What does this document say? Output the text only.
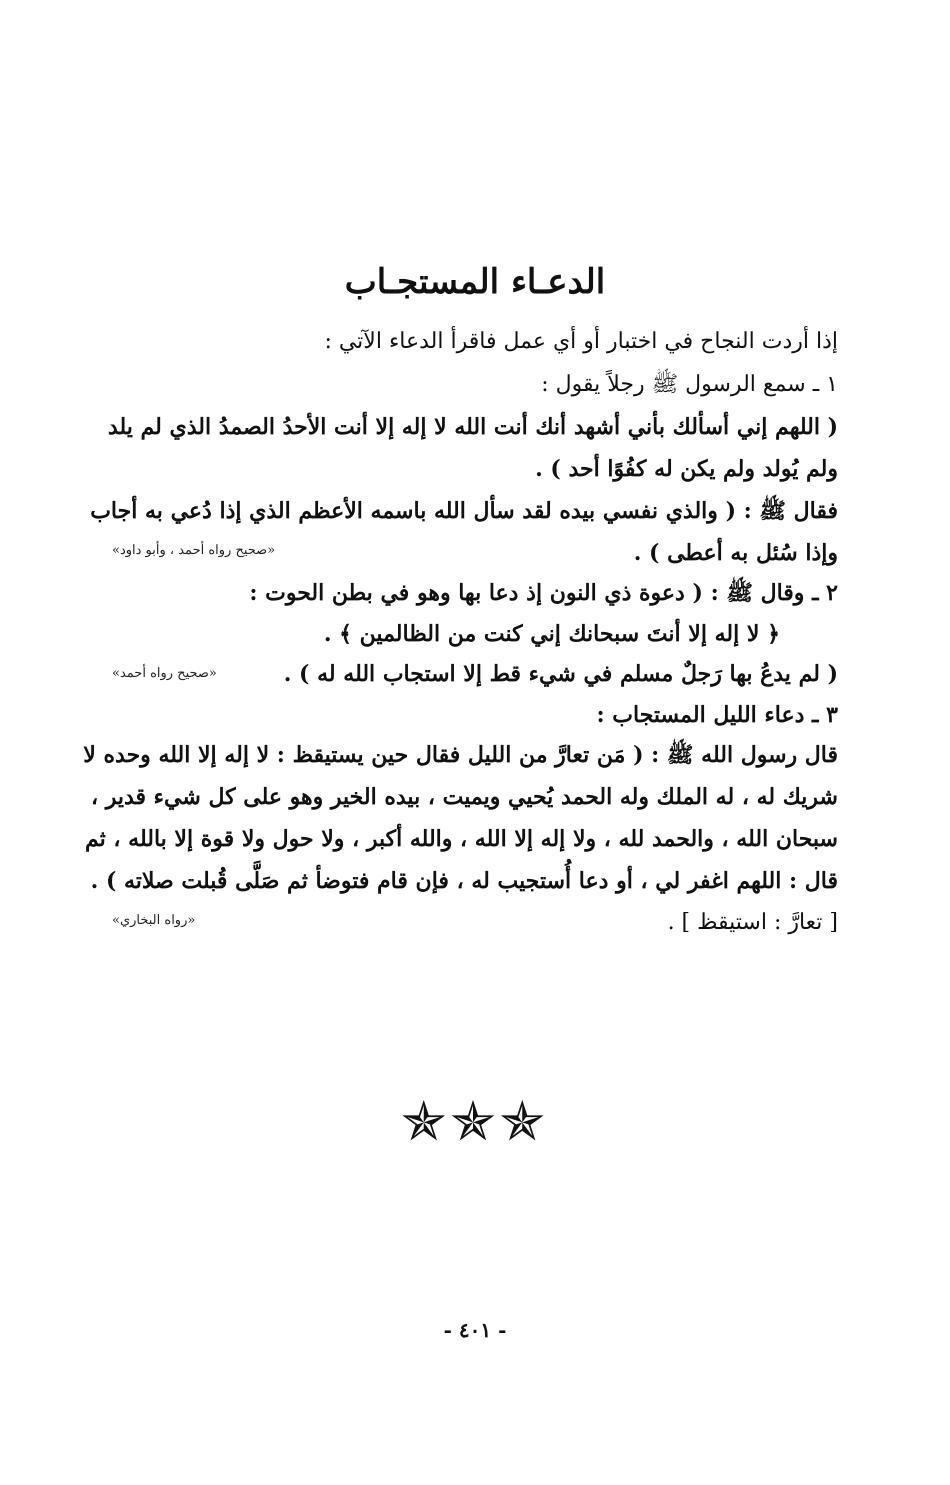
الدعـاء المستجـاب
إذا أردت النجاح في اختبار أو أي عمل فاقرأ الدعاء الآتي :
١ ـ سمع الرسول ﷺ رجلاً يقول :
( اللهم إني أسألك بأني أشهد أنك أنت الله لا إله إلا أنت الأحدُ الصمدُ الذي لم يلد
ولم يُولد ولم يكن له كفُوًا أحد ) .
فقال ﷺ : ( والذي نفسي بيده لقد سأل الله باسمه الأعظم الذي إذا دُعي به أجاب
وإذا سُئل به أعطى ) .
«صحيح رواه أحمد ، وأبو داود»
٢ ـ وقال ﷺ : ( دعوة ذي النون إذ دعا بها وهو في بطن الحوت :
﴿ لا إله إلا أنتَ سبحانك إني كنت من الظالمين ﴾ .
( لم يدعُ بها رَجلٌ مسلم في شيء قط إلا استجاب الله له ) .
«صحيح رواه أحمد»
٣ ـ دعاء الليل المستجاب :
قال رسول الله ﷺ : ( مَن تعارَّ من الليل فقال حين يستيقظ : لا إله إلا الله وحده لا
شريك له ، له الملك وله الحمد يُحيي ويميت ، بيده الخير وهو على كل شيء قدير ،
سبحان الله ، والحمد لله ، ولا إله إلا الله ، والله أكبر ، ولا حول ولا قوة إلا بالله ، ثم
قال : اللهم اغفر لي ، أو دعا أُستجيب له ، فإن قام فتوضأ ثم صَلَّى قُبلت صلاته ) .
[ تعارَّ : استيقظ ] .
«رواه البخاري»
✯✯✯
- ٤٠١ -
